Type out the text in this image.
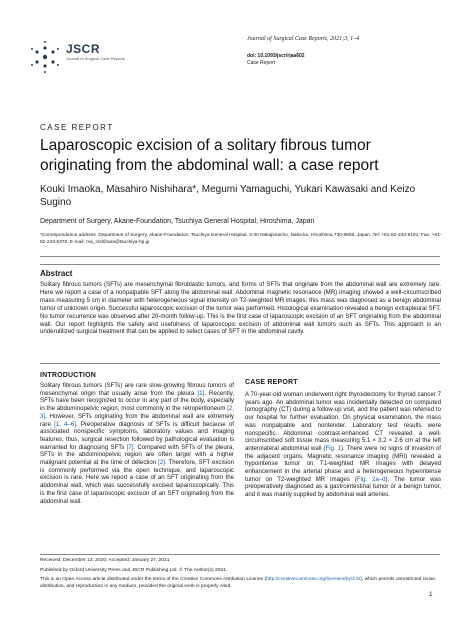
JSCR
Journal of Surgical Case Reports
Journal of Surgical Case Reports, 2021;3, 1–4
doi: 10.1093/jscr/rjaa602
Case Report
CASE REPORT
Laparoscopic excision of a solitary fibrous tumor originating from the abdominal wall: a case report
Kouki Imaoka, Masahiro Nishihara*, Megumi Yamaguchi, Yukari Kawasaki and Keizo Sugino
Department of Surgery, Akane-Foundation, Tsuchiya General Hospital, Hiroshima, Japan
*Correspondence address. Department of Surgery, Akane-Foundation, Tsuchiya General Hospital, 3-30 Nakajimacho, Naka-ku, Hiroshima 730-8655, Japan. Tel: +81-82-243-9191; Fax: +81-82-243-6378; E-mail: ma_nishihara@tsuchiya-hp.jp
Abstract
Solitary fibrous tumors (SFTs) are mesenchymal fibroblastic tumors, and forms of SFTs that originate from the abdominal wall are extremely rare. Here we report a case of a nonpalpable SFT along the abdominal wall. Abdominal magnetic resonance (MR) imaging showed a well-circumscribed mass measuring 5 cm in diameter with heterogeneous signal intensity on T2-weighted MR images; this mass was diagnosed as a benign abdominal tumor of unknown origin. Successful laparoscopic excision of the tumor was performed. Histological examination revealed a benign extrapleural SFT. No tumor recurrence was observed after 20-month follow-up. This is the first case of laparoscopic excision of an SFT originating from the abdominal wall. Our report highlights the safety and usefulness of laparoscopic excision of abdominal wall tumors such as SFTs. This approach is an underutilized surgical treatment that can be applied to select cases of SFT in the abdominal cavity.
INTRODUCTION
Solitary fibrous tumors (SFTs) are rare slow-growing fibrous tumors of mesenchymal origin that usually arise from the pleura [1]. Recently, SFTs have been recognized to occur in any part of the body, especially in the abdominopelvic region, most commonly in the retroperitoneum [2, 3]. However, SFTs originating from the abdominal wall are extremely rare [1, 4–6]. Preoperative diagnosis of SFTs is difficult because of associated nonspecific symptoms, laboratory values and imaging features; thus, surgical resection followed by pathological evaluation is warranted for diagnosing SFTs [7]. Compared with SFTs of the pleura, SFTs in the abdominopelvic region are often larger with a higher malignant potential at the time of detection [2]. Therefore, SFT excision is commonly performed via the open technique, and laparoscopic excision is rare. Here we report a case of an SFT originating from the abdominal wall, which was successfully excised laparoscopically. This is the first case of laparoscopic excision of an SFT originating from the abdominal wall.
CASE REPORT
A 70-year-old woman underwent right thyroidectomy for thyroid cancer 7 years ago. An abdominal tumor was incidentally detected on computed tomography (CT) during a follow-up visit, and the patient was referred to our hospital for further evaluation. On physical examination, the mass was nonpalpable and nontender. Laboratory test results were nonspecific. Abdominal contrast-enhanced CT revealed a well-circumscribed soft tissue mass measuring 5.1 × 3.2 × 2.6 cm at the left anterolateral abdominal wall (Fig. 1). There were no signs of invasion of the adjacent organs. Magnetic resonance imaging (MRI) revealed a hypointense tumor on T1-weighted MR images with delayed enhancement in the arterial phase and a heterogeneous hyperintense tumor on T2-weighted MR images (Fig. 2a–d). The tumor was preoperatively diagnosed as a gastrointestinal tumor or a benign tumor, and it was mainly supplied by abdominal wall arteries.
Received: December 13, 2020. Accepted: January 27, 2021
Published by Oxford University Press and JSCR Publishing Ltd. © The Author(s) 2021.
This is an Open Access article distributed under the terms of the Creative Commons Attribution License (http://creativecommons.org/licenses/by/4.0/), which permits unrestricted reuse, distribution, and reproduction in any medium, provided the original work is properly cited.
1
